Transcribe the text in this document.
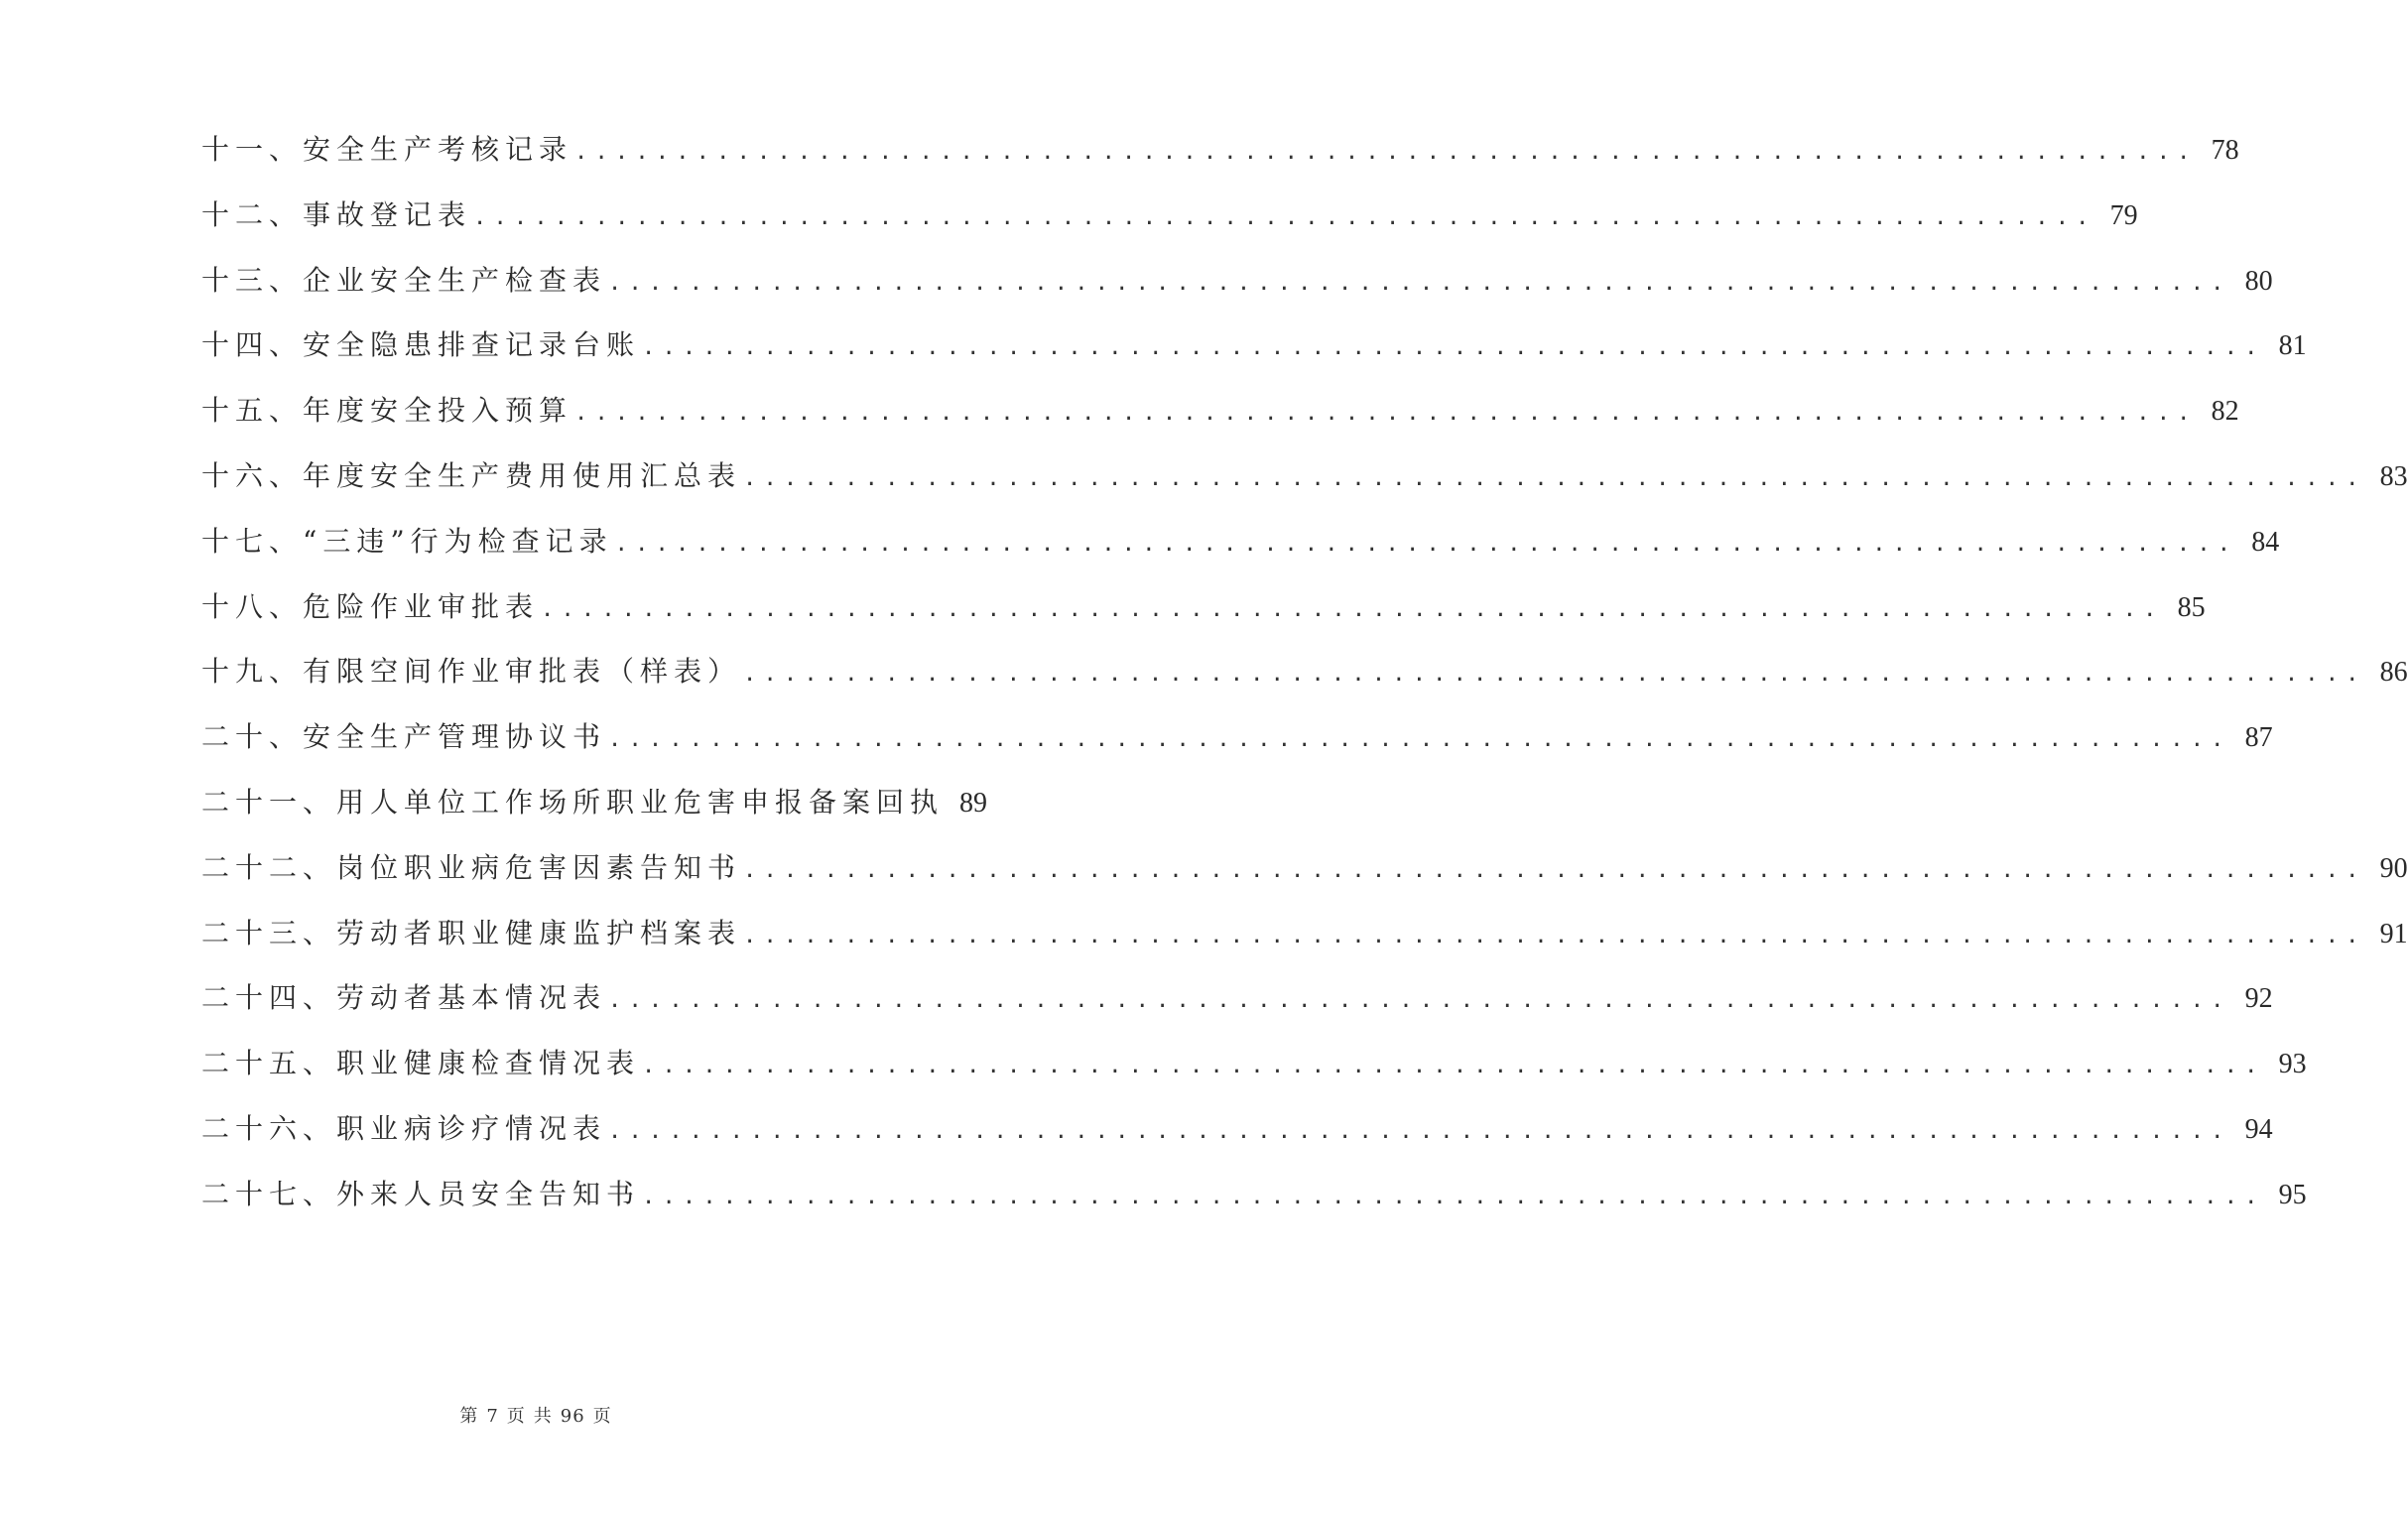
十一、安全生产考核记录 ................................................................................ 78
十二、事故登记表 ................................................................................ 79
十三、企业安全生产检查表 ................................................................................ 80
十四、安全隐患排查记录台账 ................................................................................ 81
十五、年度安全投入预算 ................................................................................ 82
十六、年度安全生产费用使用汇总表 ................................................................................ 83
十七、“三违”行为检查记录 ................................................................................ 84
十八、危险作业审批表 ................................................................................ 85
十九、有限空间作业审批表（样表） ................................................................................ 86
二十、安全生产管理协议书 ................................................................................ 87
二十一、用人单位工作场所职业危害申报备案回执 89
二十二、岗位职业病危害因素告知书 ................................................................................ 90
二十三、劳动者职业健康监护档案表 ................................................................................ 91
二十四、劳动者基本情况表 ................................................................................ 92
二十五、职业健康检查情况表 ................................................................................ 93
二十六、职业病诊疗情况表 ................................................................................ 94
二十七、外来人员安全告知书 ................................................................................ 95
第 7 页 共 96 页
